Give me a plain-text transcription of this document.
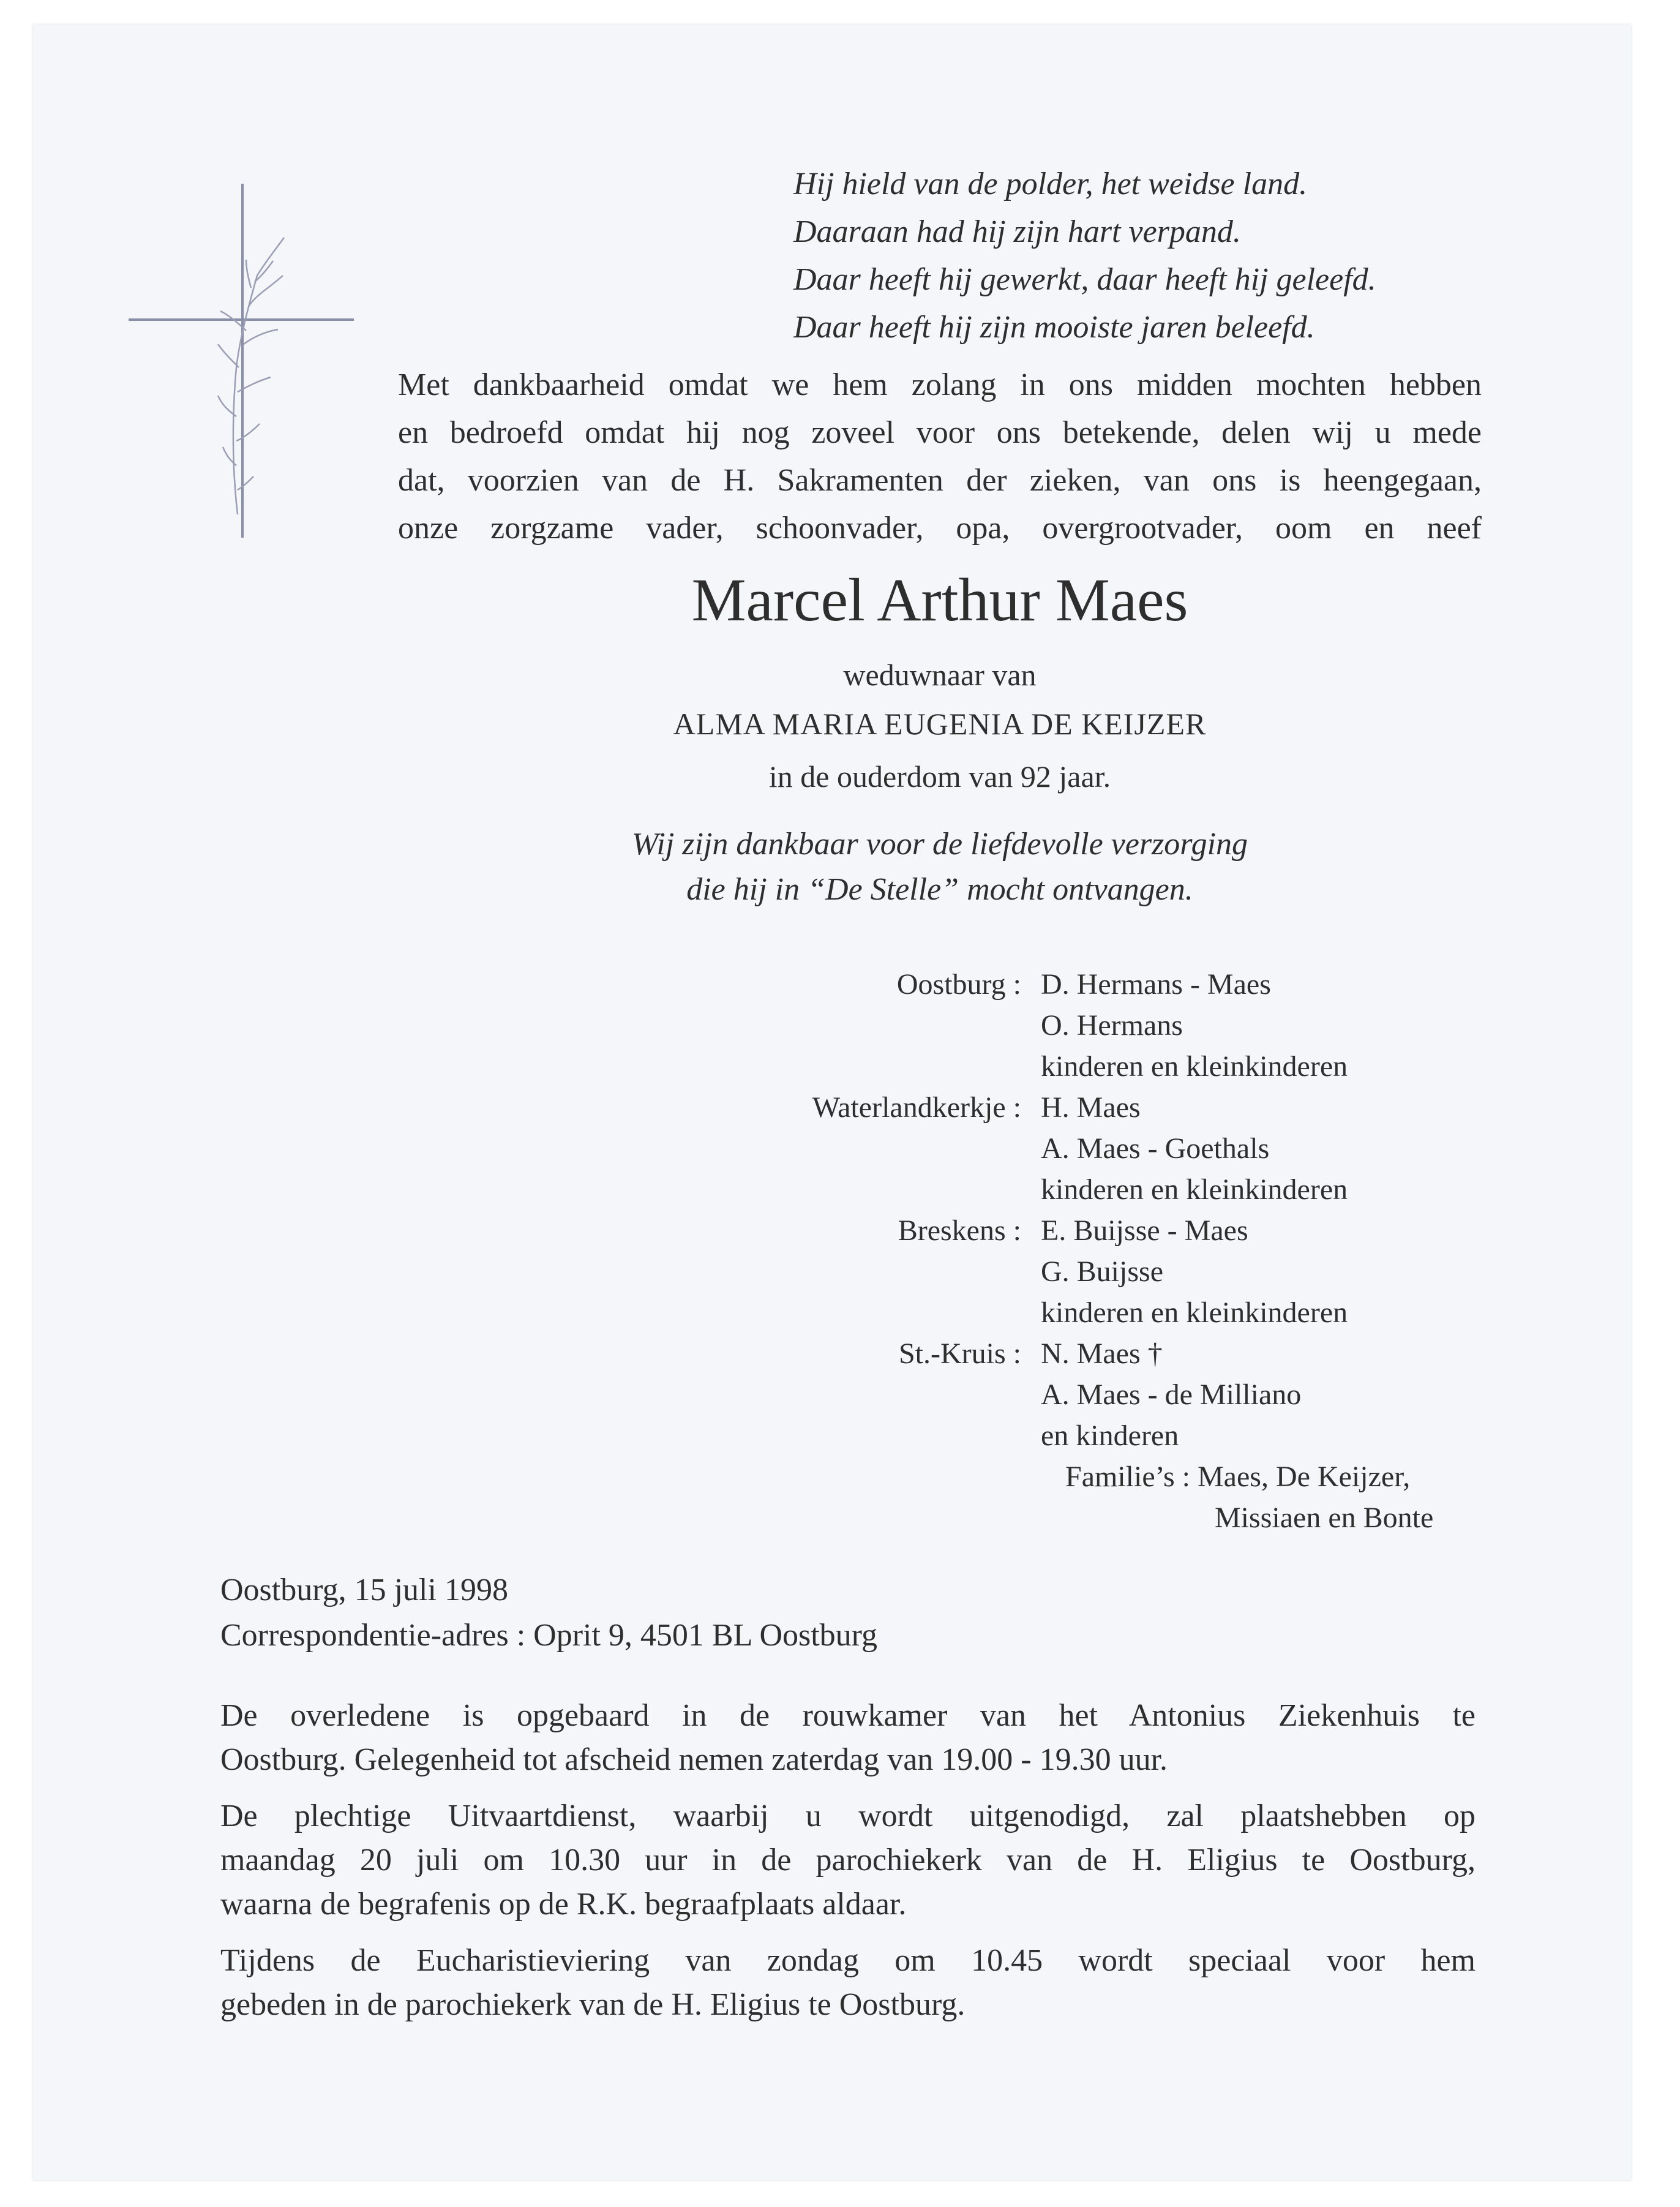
Hij hield van de polder, het weidse land.
Daaraan had hij zijn hart verpand.
Daar heeft hij gewerkt, daar heeft hij geleefd.
Daar heeft hij zijn mooiste jaren beleefd.
Met dankbaarheid omdat we hem zolang in ons midden mochten hebben
en bedroefd omdat hij nog zoveel voor ons betekende, delen wij u mede
dat, voorzien van de H. Sakramenten der zieken, van ons is heengegaan,
onze zorgzame vader, schoonvader, opa, overgrootvader, oom en neef
Marcel Arthur Maes
weduwnaar van
ALMA MARIA EUGENIA DE KEIJZER
in de ouderdom van 92 jaar.
Wij zijn dankbaar voor de liefdevolle verzorging
die hij in “De Stelle” mocht ontvangen.
Oostburg : D. Hermans - Maes
O. Hermans
kinderen en kleinkinderen
Waterlandkerkje : H. Maes
A. Maes - Goethals
kinderen en kleinkinderen
Breskens : E. Buijsse - Maes
G. Buijsse
kinderen en kleinkinderen
St.-Kruis : N. Maes †
A. Maes - de Milliano
en kinderen
Familie’s : Maes, De Keijzer,
Missiaen en Bonte
Oostburg, 15 juli 1998
Correspondentie-adres : Oprit 9, 4501 BL Oostburg
De overledene is opgebaard in de rouwkamer van het Antonius Ziekenhuis te
Oostburg. Gelegenheid tot afscheid nemen zaterdag van 19.00 - 19.30 uur.
De plechtige Uitvaartdienst, waarbij u wordt uitgenodigd, zal plaatshebben op
maandag 20 juli om 10.30 uur in de parochiekerk van de H. Eligius te Oostburg,
waarna de begrafenis op de R.K. begraafplaats aldaar.
Tijdens de Eucharistieviering van zondag om 10.45 wordt speciaal voor hem
gebeden in de parochiekerk van de H. Eligius te Oostburg.
